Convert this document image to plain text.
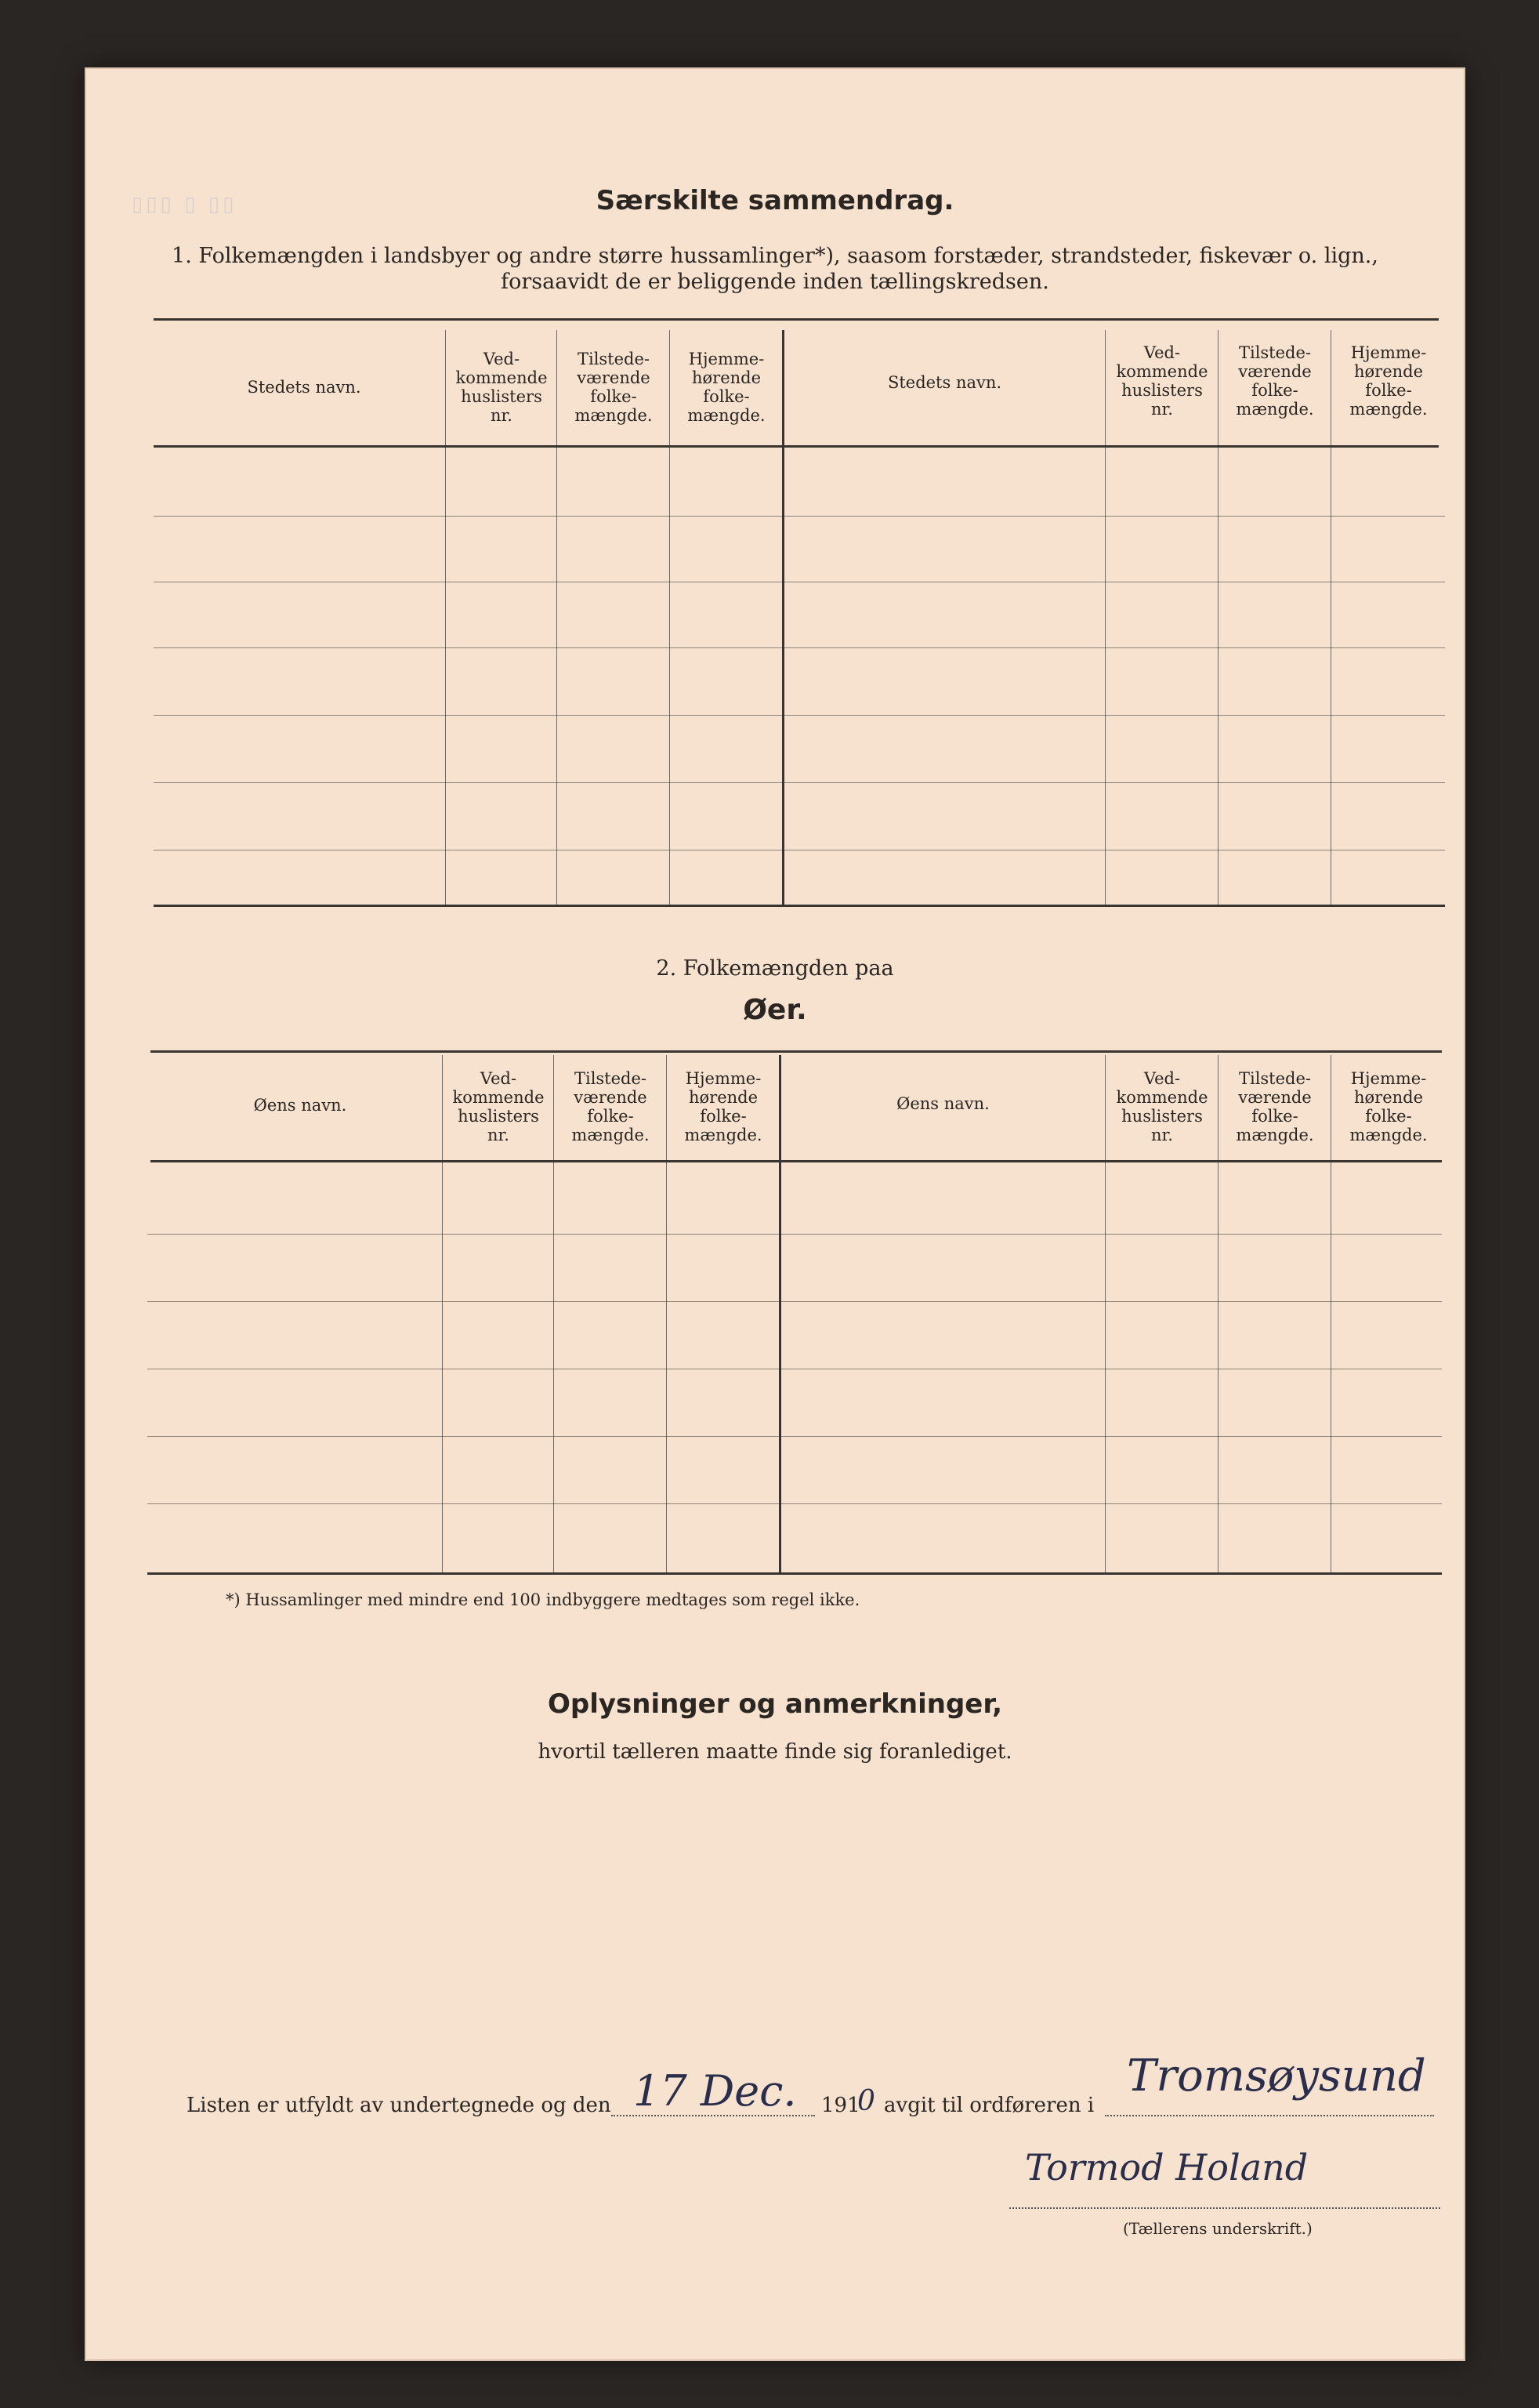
▯▯▯ ▯ ▯▯	Særskilte sammendrag.
1. Folkemængden i landsbyer og andre større hussamlinger*), saasom forstæder, strandsteder, fiskevær o. lign.,
forsaavidt de er beliggende inden tællingskredsen.
Stedets navn.
Ved-
kommende
huslisters
nr.
Tilstede-
værende
folke-
mængde.
Hjemme-
hørende
folke-
mængde.
Stedets navn.
Ved-
kommende
huslisters
nr.
Tilstede-
værende
folke-
mængde.
Hjemme-
hørende
folke-
mængde.
2. Folkemængden paa
Øer.
Øens navn.
Ved-
kommende
huslisters
nr.
Tilstede-
værende
folke-
mængde.
Hjemme-
hørende
folke-
mængde.
Øens navn.
Ved-
kommende
huslisters
nr.
Tilstede-
værende
folke-
mængde.
Hjemme-
hørende
folke-
mængde.
*) Hussamlinger med mindre end 100 indbyggere medtages som regel ikke.
Oplysninger og anmerkninger,
hvortil tælleren maatte finde sig foranlediget.
Listen er utfyldt av undertegnede og den 17 Dec. 191
0 avgit til ordføreren i
Tromsøysund
Tormod Holand
(Tællerens underskrift.)
